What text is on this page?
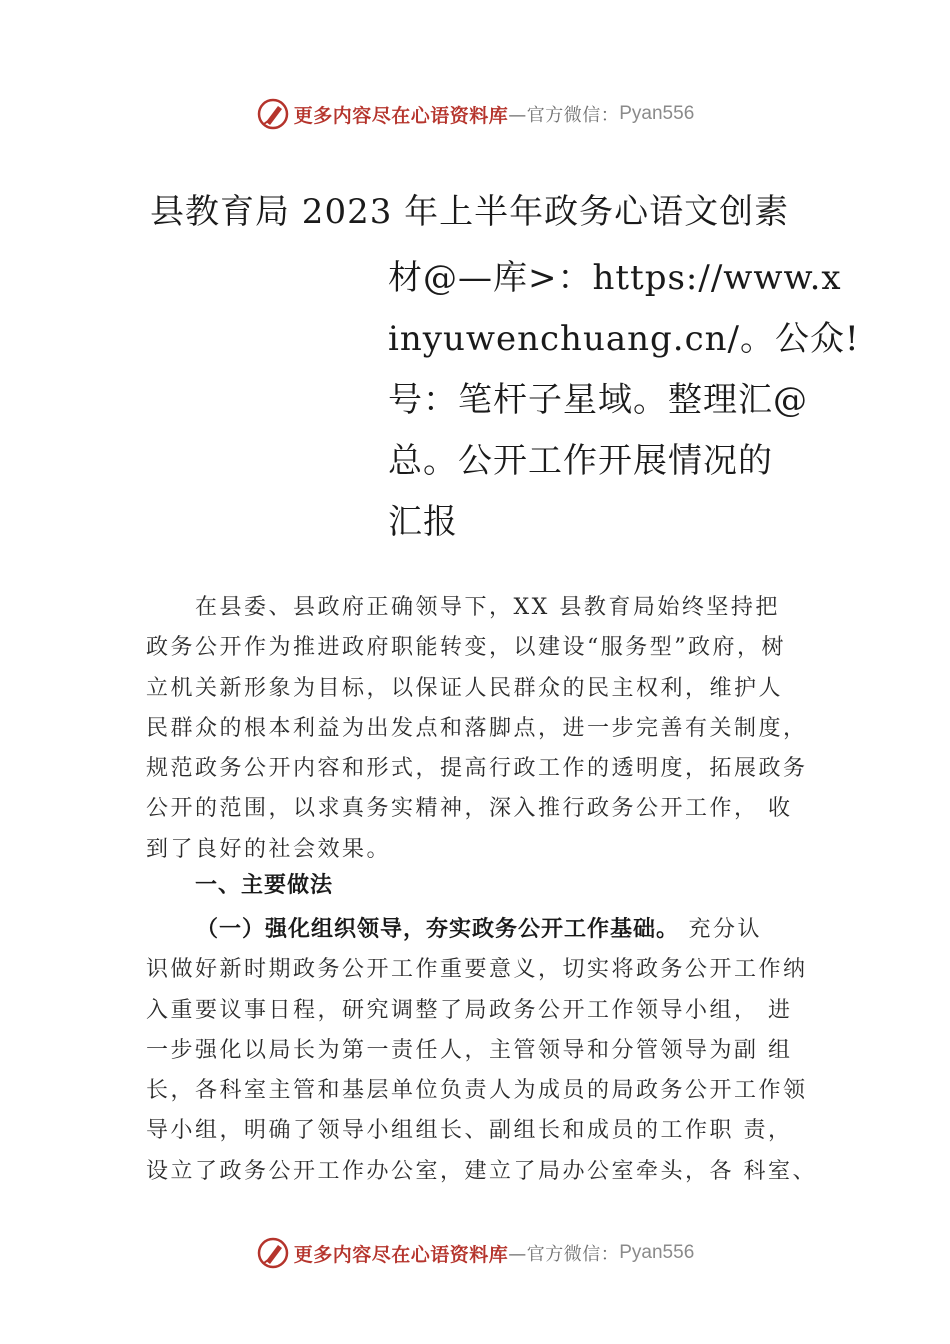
更多内容尽在心语资料库 —官方微信： Pyan556
县教育局 2023 年上半年政务心语文创素
材@—库>：https://www.x
inyuwenchuang.cn/。公众!
号：笔杆子星域。整理汇@
总。公开工作开展情况的
汇报
　　在县委、县政府正确领导下，XX 县教育局始终坚持把
政务公开作为推进政府职能转变，以建设“服务型”政府，树
立机关新形象为目标，以保证人民群众的民主权利，维护人
民群众的根本利益为出发点和落脚点，进一步完善有关制度，
规范政务公开内容和形式，提高行政工作的透明度，拓展政务
公开的范围，以求真务实精神，深入推行政务公开工作， 收
到了良好的社会效果。
一、主要做法
（一）强化组织领导，夯实政务公开工作基础。 充分认
识做好新时期政务公开工作重要意义，切实将政务公开工作纳
入重要议事日程，研究调整了局政务公开工作领导小组， 进
一步强化以局长为第一责任人，主管领导和分管领导为副 组
长，各科室主管和基层单位负责人为成员的局政务公开工作领
导小组，明确了领导小组组长、副组长和成员的工作职 责，
设立了政务公开工作办公室，建立了局办公室牵头，各 科室、
更多内容尽在心语资料库 —官方微信： Pyan556
